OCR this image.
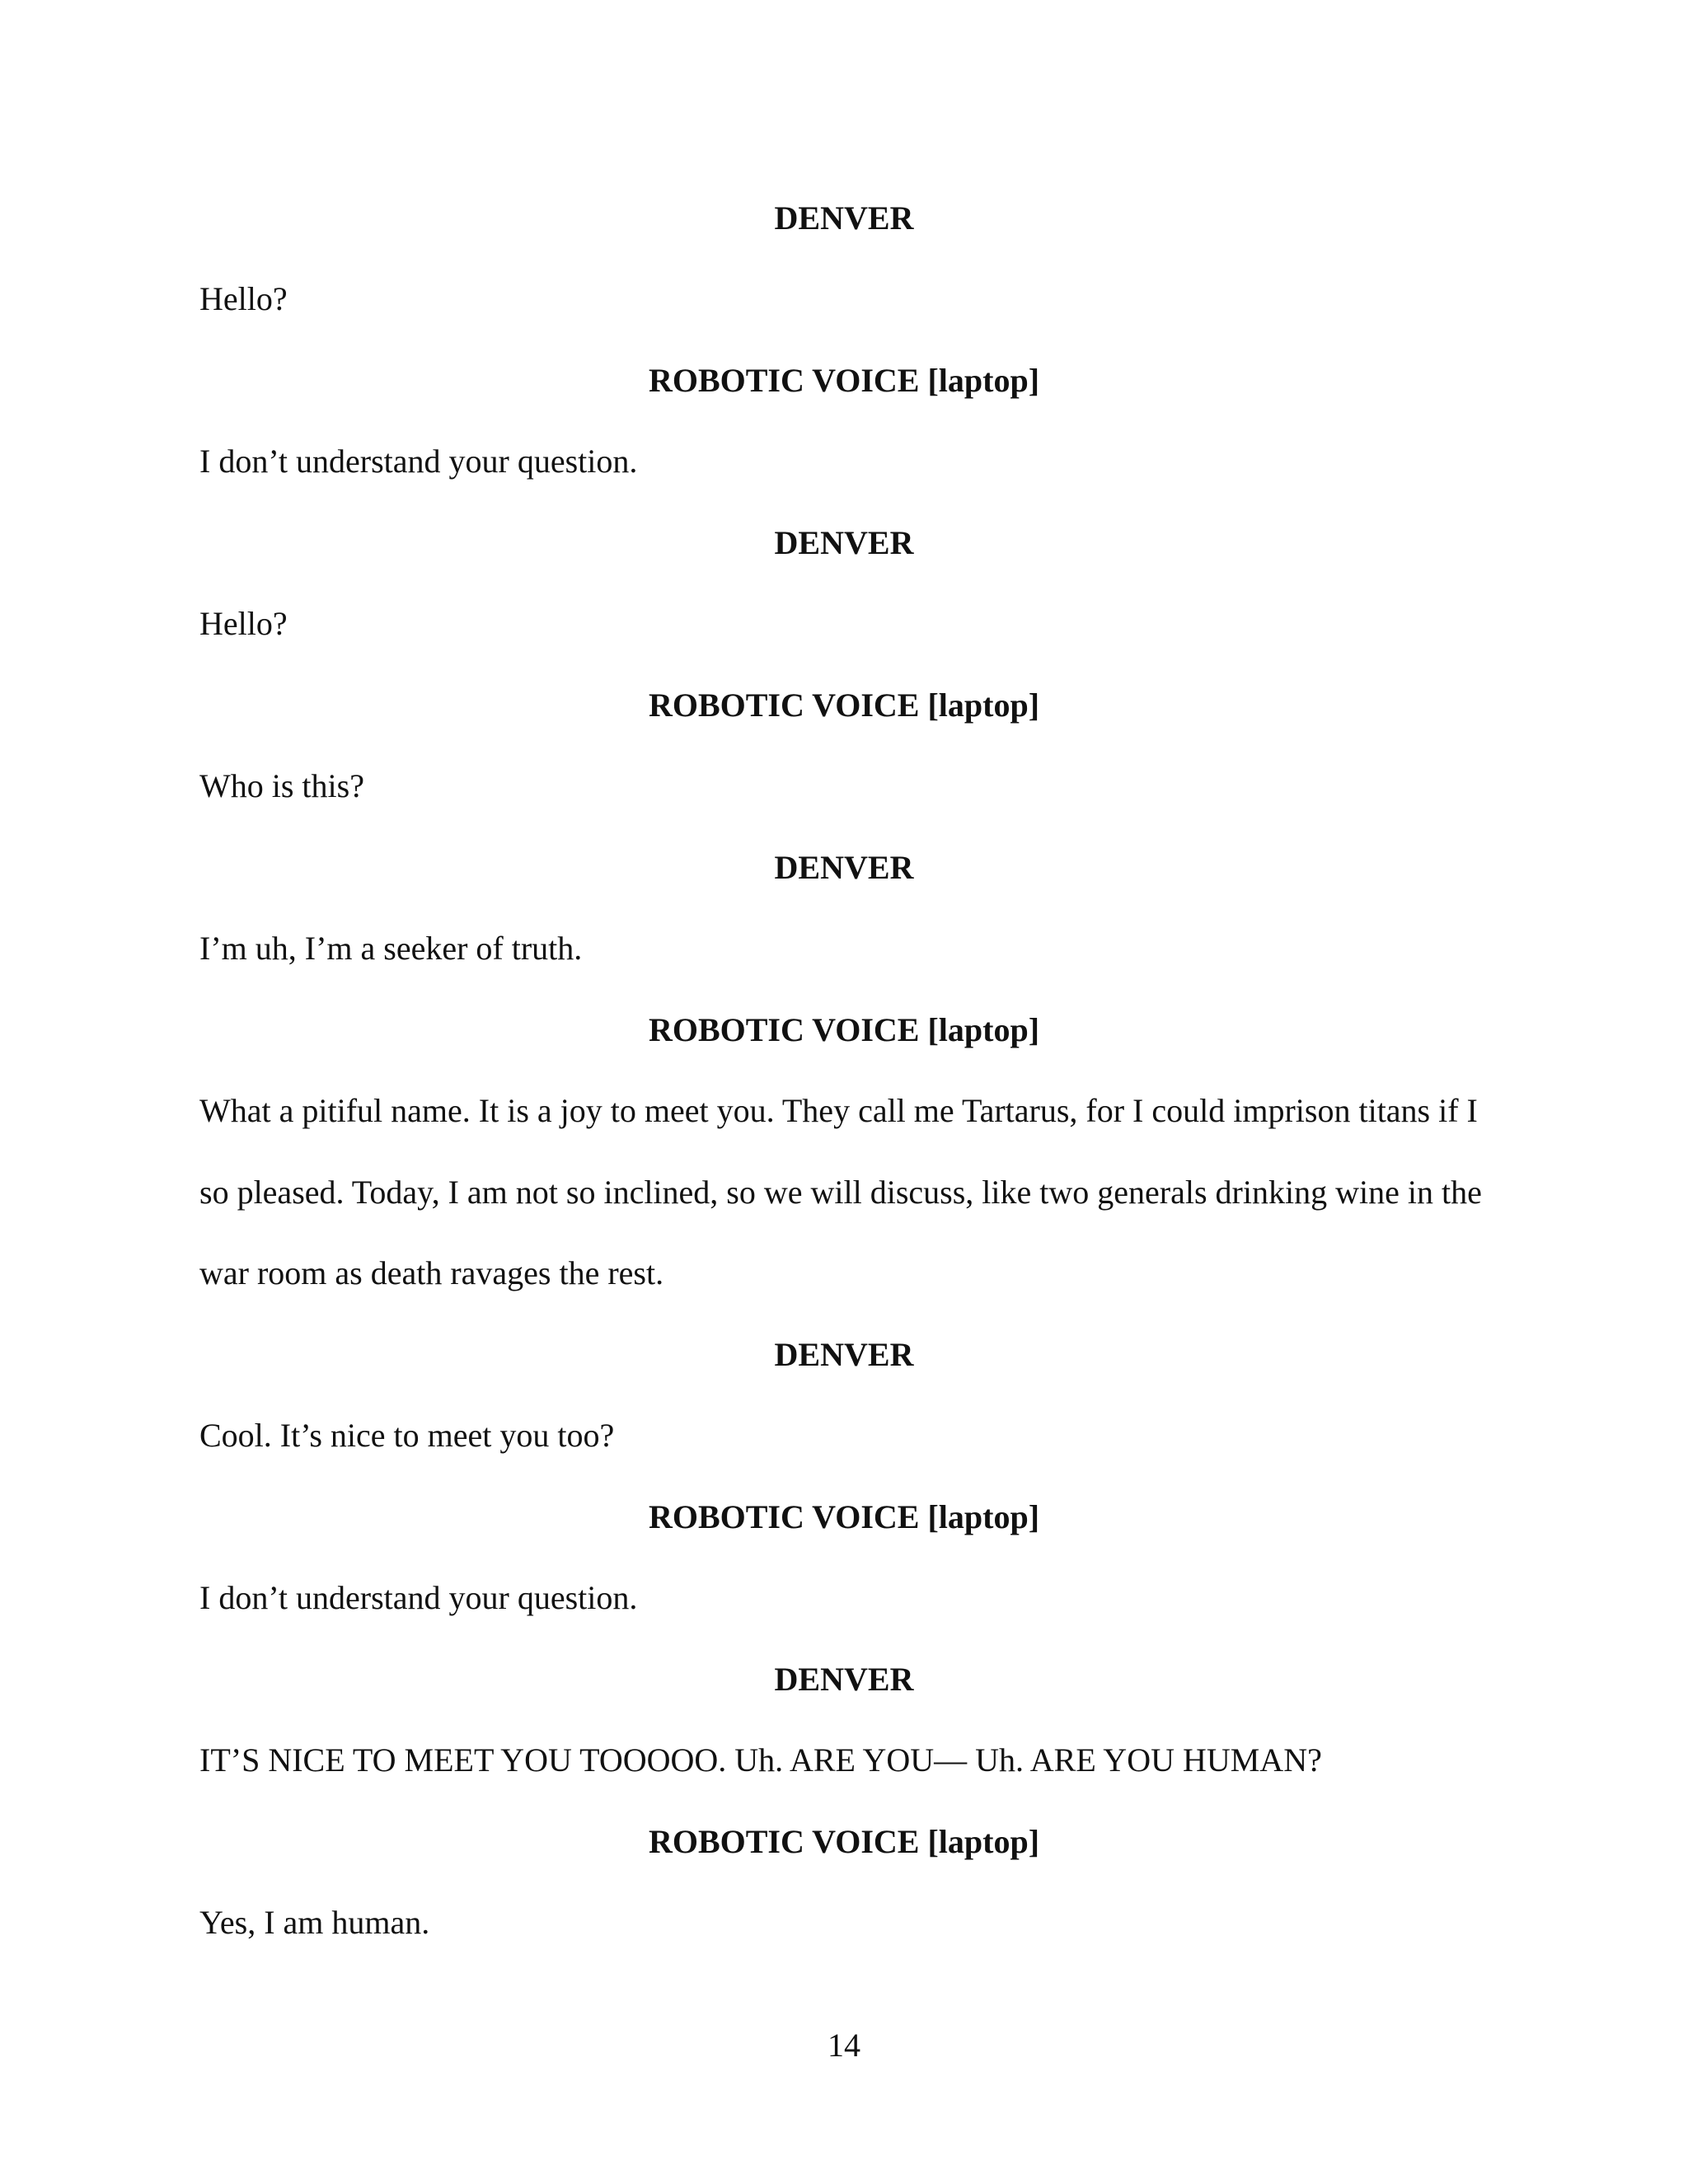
DENVER
Hello?
ROBOTIC VOICE [laptop]
I don’t understand your question.
DENVER
Hello?
ROBOTIC VOICE [laptop]
Who is this?
DENVER
I’m uh, I’m a seeker of truth.
ROBOTIC VOICE [laptop]
What a pitiful name. It is a joy to meet you. They call me Tartarus, for I could imprison titans if I
so pleased. Today, I am not so inclined, so we will discuss, like two generals drinking wine in the
war room as death ravages the rest.
DENVER
Cool. It’s nice to meet you too?
ROBOTIC VOICE [laptop]
I don’t understand your question.
DENVER
IT’S NICE TO MEET YOU TOOOOO. Uh. ARE YOU— Uh. ARE YOU HUMAN?
ROBOTIC VOICE [laptop]
Yes, I am human.
14
